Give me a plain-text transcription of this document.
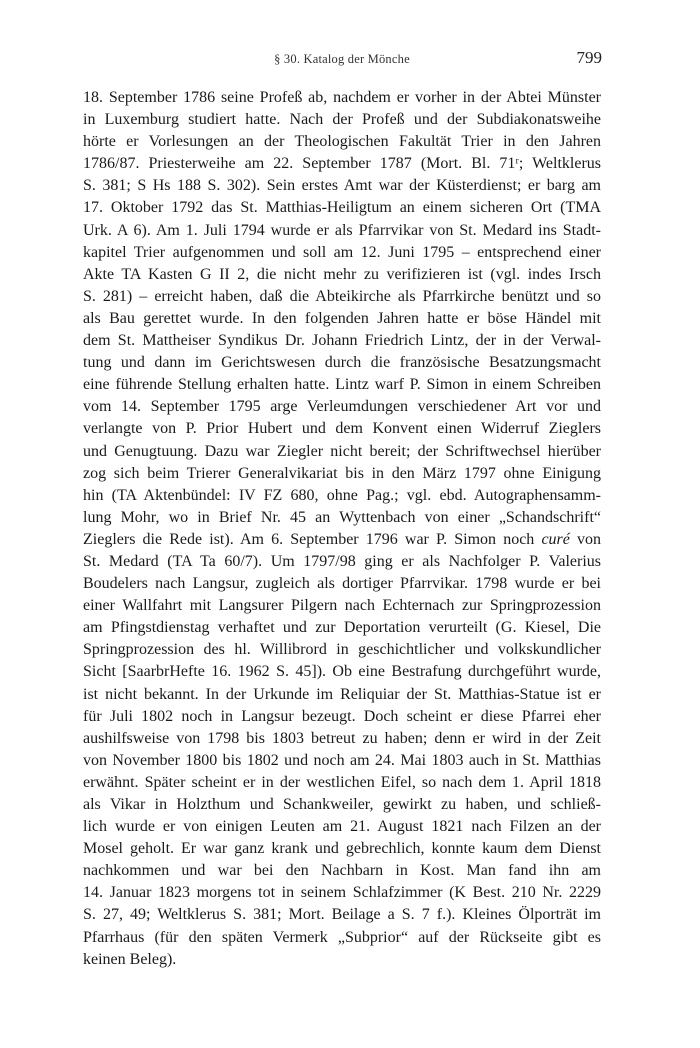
§ 30. Katalog der Mönche	799
18. September 1786 seine Profeß ab, nachdem er vorher in der Abtei Münster
in Luxemburg studiert hatte. Nach der Profeß und der Subdiakonatsweihe
hörte er Vorlesungen an der Theologischen Fakultät Trier in den Jahren
1786/87. Priesterweihe am 22. September 1787 (Mort. Bl. 71ʳ; Weltklerus
S. 381; S Hs 188 S. 302). Sein erstes Amt war der Küsterdienst; er barg am
17. Oktober 1792 das St. Matthias-Heiligtum an einem sicheren Ort (TMA
Urk. A 6). Am 1. Juli 1794 wurde er als Pfarrvikar von St. Medard ins Stadt-
kapitel Trier aufgenommen und soll am 12. Juni 1795 – entsprechend einer
Akte TA Kasten G II 2, die nicht mehr zu verifizieren ist (vgl. indes Irsch
S. 281) – erreicht haben, daß die Abteikirche als Pfarrkirche benützt und so
als Bau gerettet wurde. In den folgenden Jahren hatte er böse Händel mit
dem St. Mattheiser Syndikus Dr. Johann Friedrich Lintz, der in der Verwal-
tung und dann im Gerichtswesen durch die französische Besatzungsmacht
eine führende Stellung erhalten hatte. Lintz warf P. Simon in einem Schreiben
vom 14. September 1795 arge Verleumdungen verschiedener Art vor und
verlangte von P. Prior Hubert und dem Konvent einen Widerruf Zieglers
und Genugtuung. Dazu war Ziegler nicht bereit; der Schriftwechsel hierüber
zog sich beim Trierer Generalvikariat bis in den März 1797 ohne Einigung
hin (TA Aktenbündel: IV FZ 680, ohne Pag.; vgl. ebd. Autographensamm-
lung Mohr, wo in Brief Nr. 45 an Wyttenbach von einer „Schandschrift“
Zieglers die Rede ist). Am 6. September 1796 war P. Simon noch curé von
St. Medard (TA Ta 60/7). Um 1797/98 ging er als Nachfolger P. Valerius
Boudelers nach Langsur, zugleich als dortiger Pfarrvikar. 1798 wurde er bei
einer Wallfahrt mit Langsurer Pilgern nach Echternach zur Springprozession
am Pfingstdienstag verhaftet und zur Deportation verurteilt (G. Kiesel, Die
Springprozession des hl. Willibrord in geschichtlicher und volkskundlicher
Sicht [SaarbrHefte 16. 1962 S. 45]). Ob eine Bestrafung durchgeführt wurde,
ist nicht bekannt. In der Urkunde im Reliquiar der St. Matthias-Statue ist er
für Juli 1802 noch in Langsur bezeugt. Doch scheint er diese Pfarrei eher
aushilfsweise von 1798 bis 1803 betreut zu haben; denn er wird in der Zeit
von November 1800 bis 1802 und noch am 24. Mai 1803 auch in St. Matthias
erwähnt. Später scheint er in der westlichen Eifel, so nach dem 1. April 1818
als Vikar in Holzthum und Schankweiler, gewirkt zu haben, und schließ-
lich wurde er von einigen Leuten am 21. August 1821 nach Filzen an der
Mosel geholt. Er war ganz krank und gebrechlich, konnte kaum dem Dienst
nachkommen und war bei den Nachbarn in Kost. Man fand ihn am
14. Januar 1823 morgens tot in seinem Schlafzimmer (K Best. 210 Nr. 2229
S. 27, 49; Weltklerus S. 381; Mort. Beilage a S. 7 f.). Kleines Ölporträt im
Pfarrhaus (für den späten Vermerk „Subprior“ auf der Rückseite gibt es
keinen Beleg).
